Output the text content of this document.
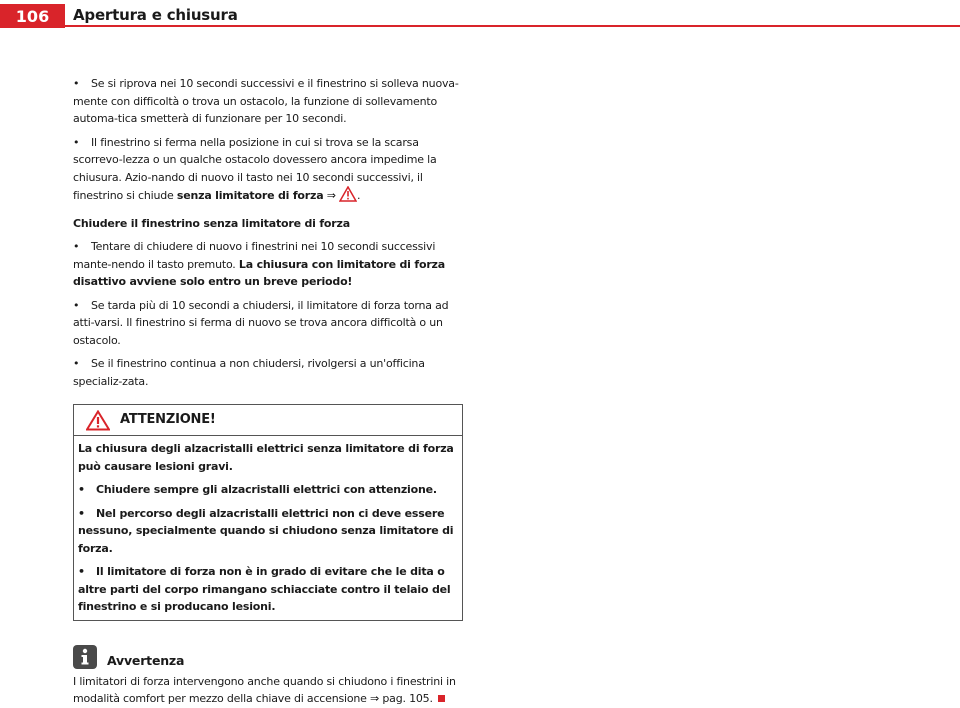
106	Apertura e chiusura

• Se si riprova nei 10 secondi successivi e il finestrino si solleva nuova-mente con difficoltà o trova un ostacolo, la funzione di sollevamento automa-tica smetterà di funzionare per 10 secondi.

• Il finestrino si ferma nella posizione in cui si trova se la scarsa scorrevo-lezza o un qualche ostacolo dovessero ancora impedime la chiusura. Azio-nando di nuovo il tasto nei 10 secondi successivi, il finestrino si chiude senza limitatore di forza ⇒ .

Chiudere il finestrino senza limitatore di forza

• Tentare di chiudere di nuovo i finestrini nei 10 secondi successivi mante-nendo il tasto premuto. La chiusura con limitatore di forza disattivo avviene solo entro un breve periodo!

• Se tarda più di 10 secondi a chiudersi, il limitatore di forza torna ad atti-varsi. Il finestrino si ferma di nuovo se trova ancora difficoltà o un ostacolo.

• Se il finestrino continua a non chiudersi, rivolgersi a un'officina specializ-zata.

ATTENZIONE!

La chiusura degli alzacristalli elettrici senza limitatore di forza può causare lesioni gravi.

• Chiudere sempre gli alzacristalli elettrici con attenzione.

• Nel percorso degli alzacristalli elettrici non ci deve essere nessuno, specialmente quando si chiudono senza limitatore di forza.

• Il limitatore di forza non è in grado di evitare che le dita o altre parti del corpo rimangano schiacciate contro il telaio del finestrino e si producano lesioni.

Avvertenza

I limitatori di forza intervengono anche quando si chiudono i finestrini in modalità comfort per mezzo della chiave di accensione ⇒ pag. 105.
